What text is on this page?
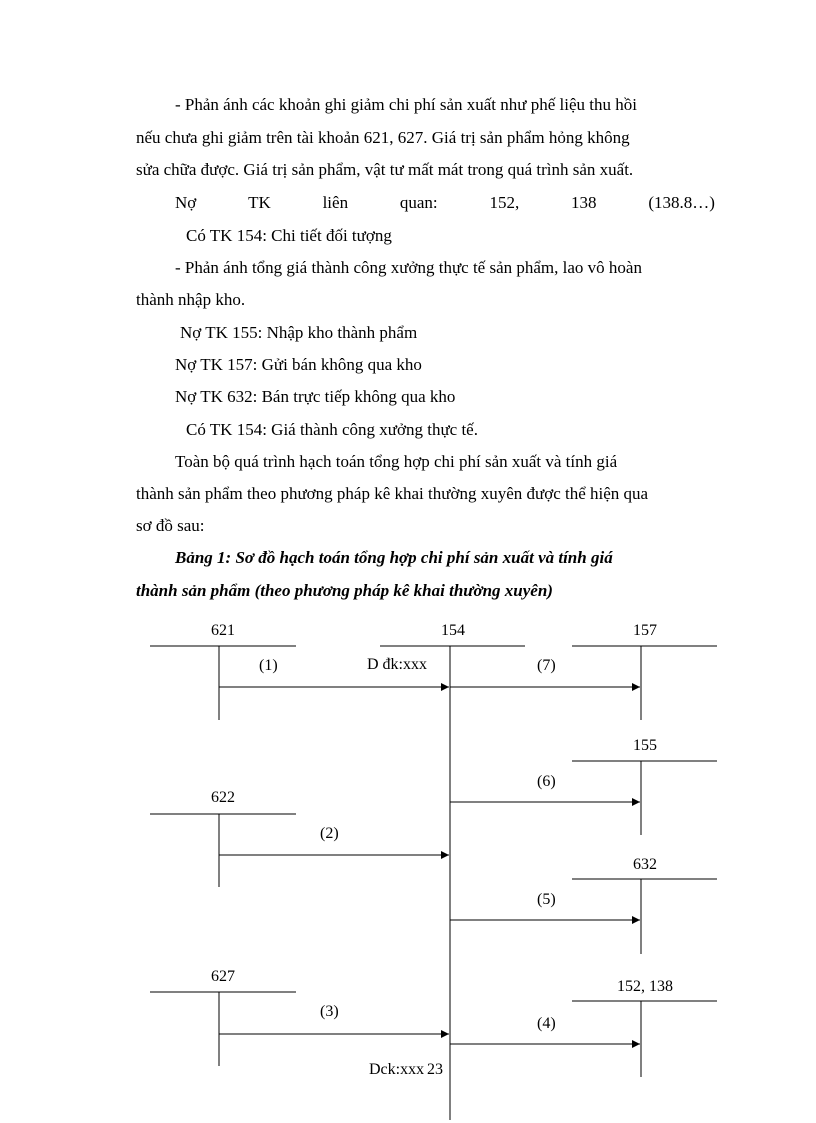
- Phản ánh các khoản ghi giảm chi phí sản xuất như phế liệu thu hồi
nếu chưa ghi giảm trên tài khoản 621, 627. Giá trị sản phẩm hỏng không
sửa chữa được. Giá trị sản phẩm, vật tư mất mát trong quá trình sản xuất.
Nợ	TK	liên	quan:	152,	138	(138.8…)
Có TK 154: Chi tiết đối tượng
- Phản ánh tổng giá thành công xưởng thực tế sản phẩm, lao vô hoàn
thành nhập kho.
Nợ TK 155: Nhập kho thành phẩm
Nợ TK 157: Gửi bán không qua kho
Nợ TK 632: Bán trực tiếp không qua kho
Có TK 154: Giá thành công xưởng thực tế.
Toàn bộ quá trình hạch toán tổng hợp chi phí sản xuất và tính giá
thành sản phẩm theo phương pháp kê khai thường xuyên được thể hiện qua
sơ đồ sau:
Bảng 1: Sơ đồ hạch toán tổng hợp chi phí sản xuất và tính giá
thành sản phẩm (theo phương pháp kê khai thường xuyên)
621	154	157
155
622
632
627
152, 138
D đk:xxx
Dck:xxx
(1)	(7)
(6)
(2)
(5)
(3)
(4)
23
